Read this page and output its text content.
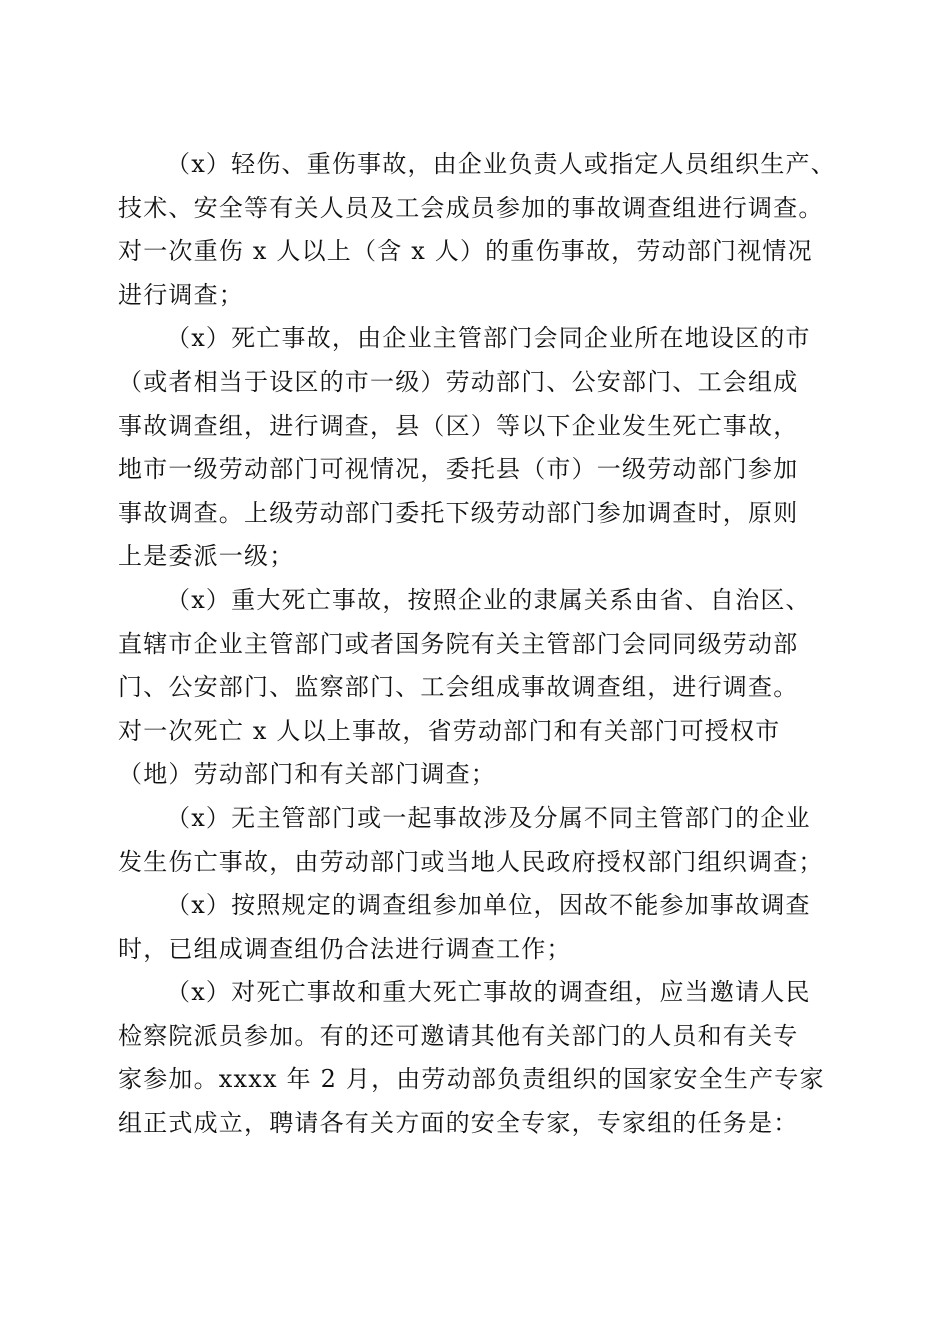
（x）轻伤、重伤事故，由企业负责人或指定人员组织生产、
技术、安全等有关人员及工会成员参加的事故调查组进行调查。
对一次重伤 x 人以上（含 x 人）的重伤事故，劳动部门视情况
进行调查；
（x）死亡事故，由企业主管部门会同企业所在地设区的市
（或者相当于设区的市一级）劳动部门、公安部门、工会组成
事故调查组，进行调查，县（区）等以下企业发生死亡事故，
地市一级劳动部门可视情况，委托县（市）一级劳动部门参加
事故调查。上级劳动部门委托下级劳动部门参加调查时，原则
上是委派一级；
（x）重大死亡事故，按照企业的隶属关系由省、自治区、
直辖市企业主管部门或者国务院有关主管部门会同同级劳动部
门、公安部门、监察部门、工会组成事故调查组，进行调查。
对一次死亡 x 人以上事故，省劳动部门和有关部门可授权市
（地）劳动部门和有关部门调查；
（x）无主管部门或一起事故涉及分属不同主管部门的企业
发生伤亡事故，由劳动部门或当地人民政府授权部门组织调查；
（x）按照规定的调查组参加单位，因故不能参加事故调查
时，已组成调查组仍合法进行调查工作；
（x）对死亡事故和重大死亡事故的调查组，应当邀请人民
检察院派员参加。有的还可邀请其他有关部门的人员和有关专
家参加。xxxx 年 2 月，由劳动部负责组织的国家安全生产专家
组正式成立，聘请各有关方面的安全专家，专家组的任务是：
